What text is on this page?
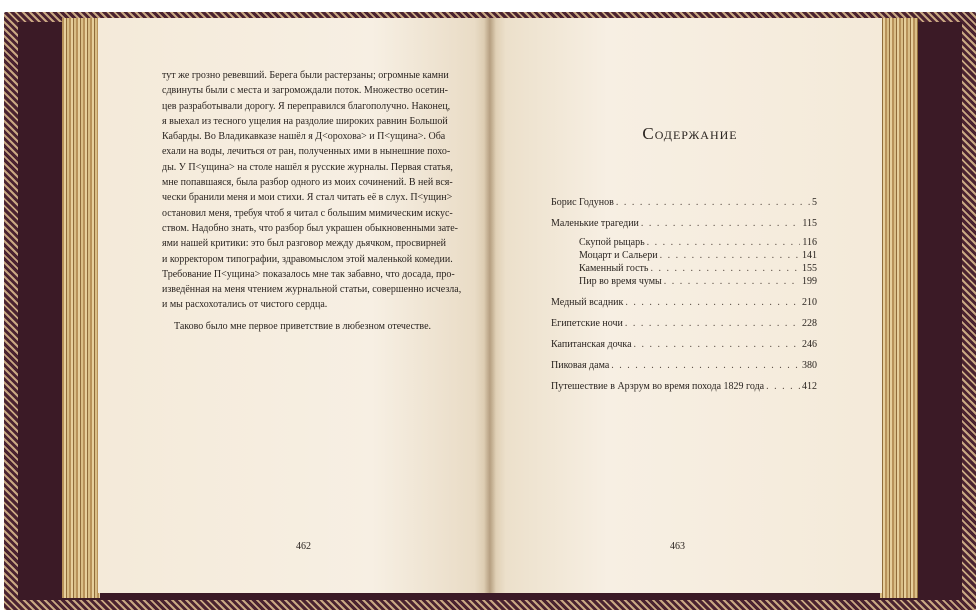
тут же грозно ревевший. Берега были растерзаны; огромные камни
сдвинуты были с места и загромождали поток. Множество осетин-
цев разработывали дорогу. Я переправился благополучно. Наконец,
я выехал из тесного ущелия на раздолие широких равнин Большой
Кабарды. Во Владикавказе нашёл я Д<орохова> и П<ущина>. Оба
ехали на воды, лечиться от ран, полученных ими в нынешние похо-
ды. У П<ущина> на столе нашёл я русские журналы. Первая статья,
мне попавшаяся, была разбор одного из моих сочинений. В ней вся-
чески бранили меня и мои стихи. Я стал читать её в слух. П<ущин>
остановил меня, требуя чтоб я читал с большим мимическим искус-
ством. Надобно знать, что разбор был украшен обыкновенными зате-
ями нашей критики: это был разговор между дьячком, просвирней
и корректором типографии, здравомыслом этой маленькой комедии.
Требование П<ущина> показалось мне так забавно, что досада, про-
изведённая на меня чтением журнальной статьи, совершенно исчезла,
и мы расхохотались от чистого сердца.
Таково было мне первое приветствие в любезном отечестве.
462
Содержание
Борис Годунов . . .	5
Маленькие трагедии . . .	115
Скупой рыцарь . . .	116
Моцарт и Сальери . . .	141
Каменный гость . . .	155
Пир во время чумы . . .	199
Медный всадник . . .	210
Египетские ночи . . .	228
Капитанская дочка . . .	246
Пиковая дама . . .	380
Путешествие в Арзрум во время похода 1829 года . . .	412
463
